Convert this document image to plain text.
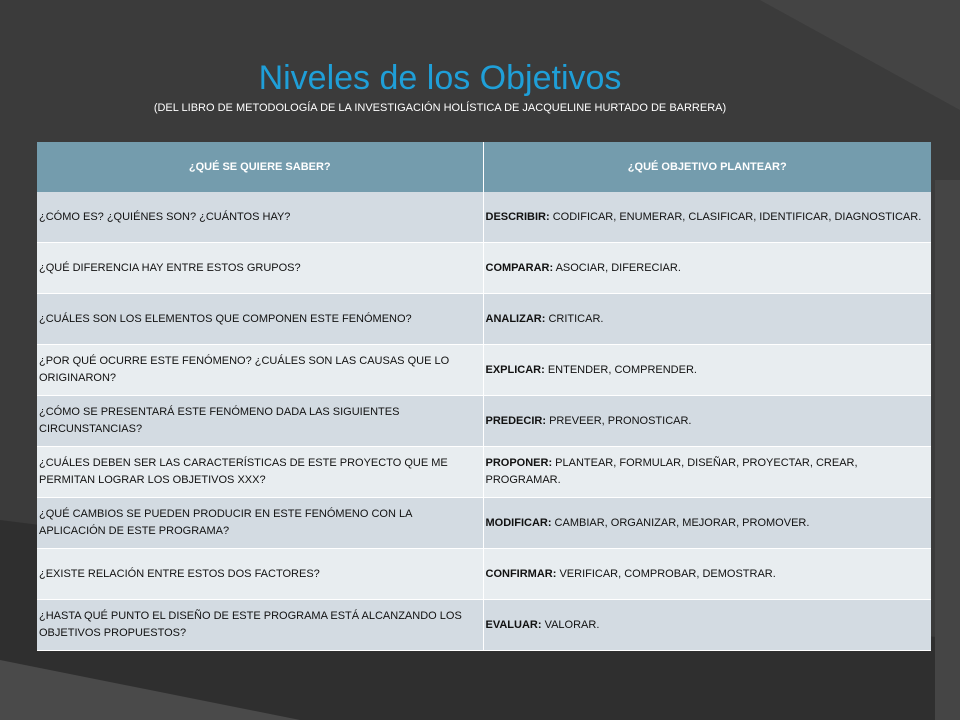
Niveles de los Objetivos
(DEL LIBRO DE METODOLOGÍA DE LA INVESTIGACIÓN HOLÍSTICA DE JACQUELINE HURTADO DE BARRERA)
¿QUÉ SE QUIERE SABER?	¿QUÉ OBJETIVO PLANTEAR?
¿CÓMO ES? ¿QUIÉNES SON? ¿CUÁNTOS HAY?	DESCRIBIR: CODIFICAR, ENUMERAR, CLASIFICAR, IDENTIFICAR, DIAGNOSTICAR.
¿QUÉ DIFERENCIA HAY ENTRE ESTOS GRUPOS?	COMPARAR: ASOCIAR, DIFERECIAR.
¿CUÁLES SON LOS ELEMENTOS QUE COMPONEN ESTE FENÓMENO?	ANALIZAR: CRITICAR.
¿POR QUÉ OCURRE ESTE FENÓMENO? ¿CUÁLES SON LAS CAUSAS QUE LO ORIGINARON?	EXPLICAR: ENTENDER, COMPRENDER.
¿CÓMO SE PRESENTARÁ ESTE FENÓMENO DADA LAS SIGUIENTES CIRCUNSTANCIAS?	PREDECIR: PREVEER, PRONOSTICAR.
¿CUÁLES DEBEN SER LAS CARACTERÍSTICAS DE ESTE PROYECTO QUE ME PERMITAN LOGRAR LOS OBJETIVOS XXX?	PROPONER: PLANTEAR, FORMULAR, DISEÑAR, PROYECTAR, CREAR, PROGRAMAR.
¿QUÉ CAMBIOS SE PUEDEN PRODUCIR EN ESTE FENÓMENO CON LA APLICACIÓN DE ESTE PROGRAMA?	MODIFICAR: CAMBIAR, ORGANIZAR, MEJORAR, PROMOVER.
¿EXISTE RELACIÓN ENTRE ESTOS DOS FACTORES?	CONFIRMAR: VERIFICAR, COMPROBAR, DEMOSTRAR.
¿HASTA QUÉ PUNTO EL DISEÑO DE ESTE PROGRAMA ESTÁ ALCANZANDO LOS OBJETIVOS PROPUESTOS?	EVALUAR: VALORAR.
